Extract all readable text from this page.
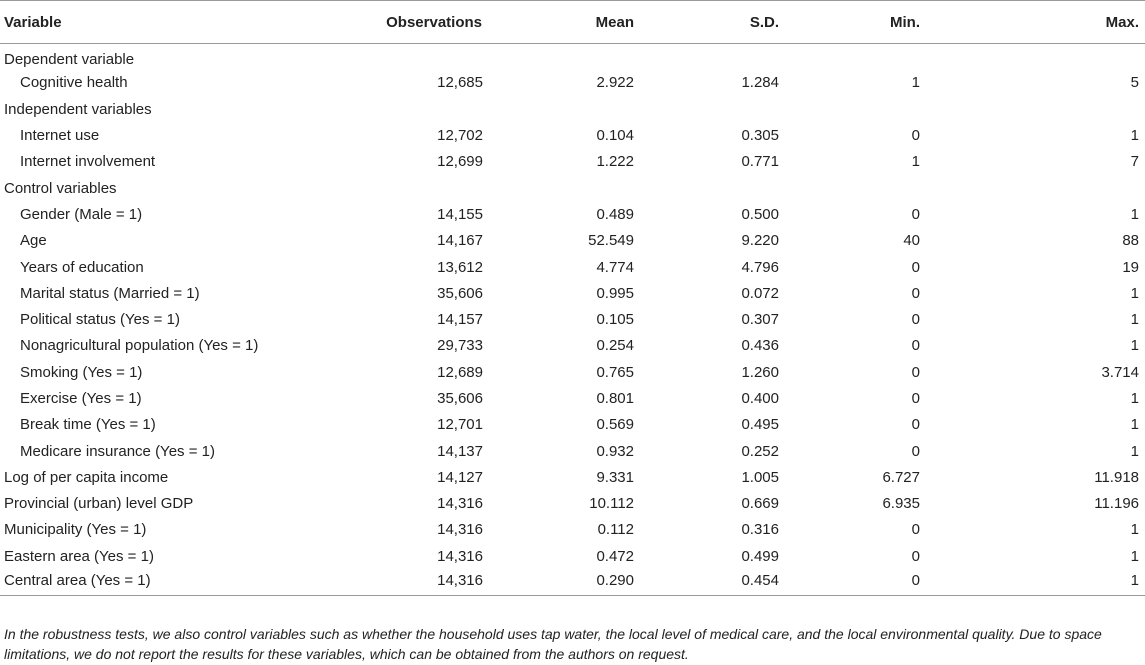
Variable	Observations	Mean	S.D.	Min.	Max.
Dependent variable					
Cognitive health	12,685	2.922	1.284	1	5
Independent variables					
Internet use	12,702	0.104	0.305	0	1
Internet involvement	12,699	1.222	0.771	1	7
Control variables					
Gender (Male = 1)	14,155	0.489	0.500	0	1
Age	14,167	52.549	9.220	40	88
Years of education	13,612	4.774	4.796	0	19
Marital status (Married = 1)	35,606	0.995	0.072	0	1
Political status (Yes = 1)	14,157	0.105	0.307	0	1
Nonagricultural population (Yes = 1)	29,733	0.254	0.436	0	1
Smoking (Yes = 1)	12,689	0.765	1.260	0	3.714
Exercise (Yes = 1)	35,606	0.801	0.400	0	1
Break time (Yes = 1)	12,701	0.569	0.495	0	1
Medicare insurance (Yes = 1)	14,137	0.932	0.252	0	1
Log of per capita income	14,127	9.331	1.005	6.727	11.918
Provincial (urban) level GDP	14,316	10.112	0.669	6.935	11.196
Municipality (Yes = 1)	14,316	0.112	0.316	0	1
Eastern area (Yes = 1)	14,316	0.472	0.499	0	1
Central area (Yes = 1)	14,316	0.290	0.454	0	1
In the robustness tests, we also control variables such as whether the household uses tap water, the local level of medical care, and the local environmental quality. Due to space limitations, we do not report the results for these variables, which can be obtained from the authors on request.
